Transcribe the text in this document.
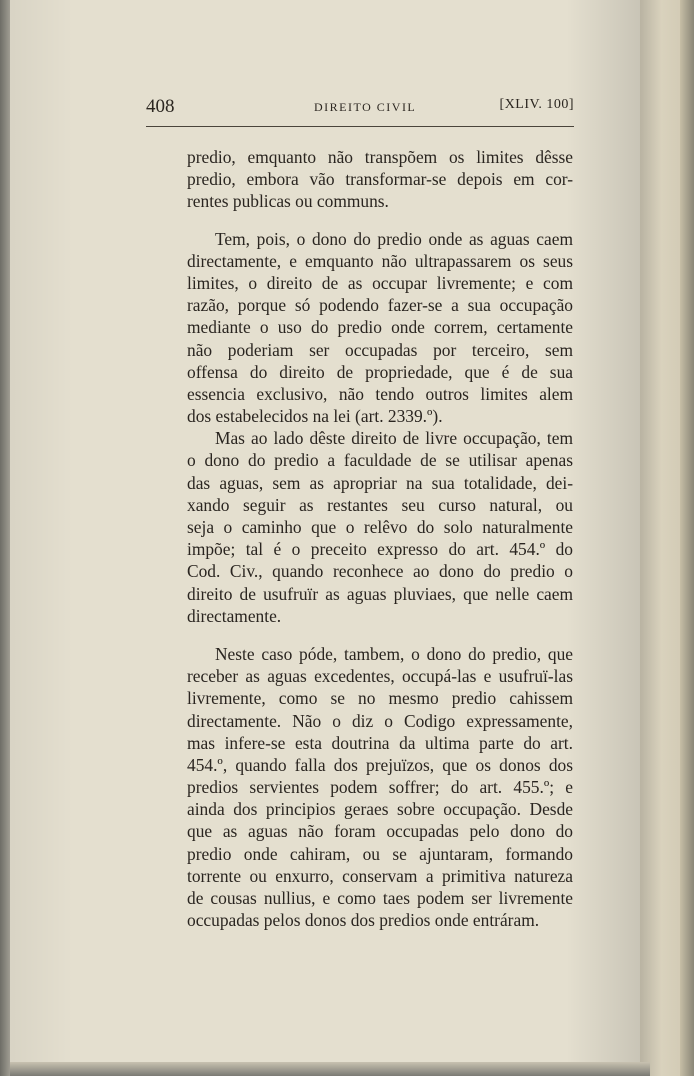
408	DIREITO CIVIL	[XLIV. 100]
predio, emquanto não transpõem os limites dêsse
predio, embora vão transformar-se depois em cor-
rentes publicas ou communs.
Tem, pois, o dono do predio onde as aguas caem
directamente, e emquanto não ultrapassarem os seus
limites, o direito de as occupar livremente; e com
razão, porque só podendo fazer-se a sua occupação
mediante o uso do predio onde correm, certamente
não poderiam ser occupadas por terceiro, sem
offensa do direito de propriedade, que é de sua
essencia exclusivo, não tendo outros limites alem
dos estabelecidos na lei (art. 2339.º).
Mas ao lado dêste direito de livre occupação, tem
o dono do predio a faculdade de se utilisar apenas
das aguas, sem as apropriar na sua totalidade, dei-
xando seguir as restantes seu curso natural, ou
seja o caminho que o relêvo do solo naturalmente
impõe; tal é o preceito expresso do art. 454.º do
Cod. Civ., quando reconhece ao dono do predio o
direito de usufruïr as aguas pluviaes, que nelle caem
directamente.
Neste caso póde, tambem, o dono do predio, que
receber as aguas excedentes, occupá-las e usufruï-las
livremente, como se no mesmo predio cahissem
directamente. Não o diz o Codigo expressamente,
mas infere-se esta doutrina da ultima parte do art.
454.º, quando falla dos prejuïzos, que os donos dos
predios servientes podem soffrer; do art. 455.º; e
ainda dos principios geraes sobre occupação. Desde
que as aguas não foram occupadas pelo dono do
predio onde cahiram, ou se ajuntaram, formando
torrente ou enxurro, conservam a primitiva natureza
de cousas nullius, e como taes podem ser livremente
occupadas pelos donos dos predios onde entráram.
